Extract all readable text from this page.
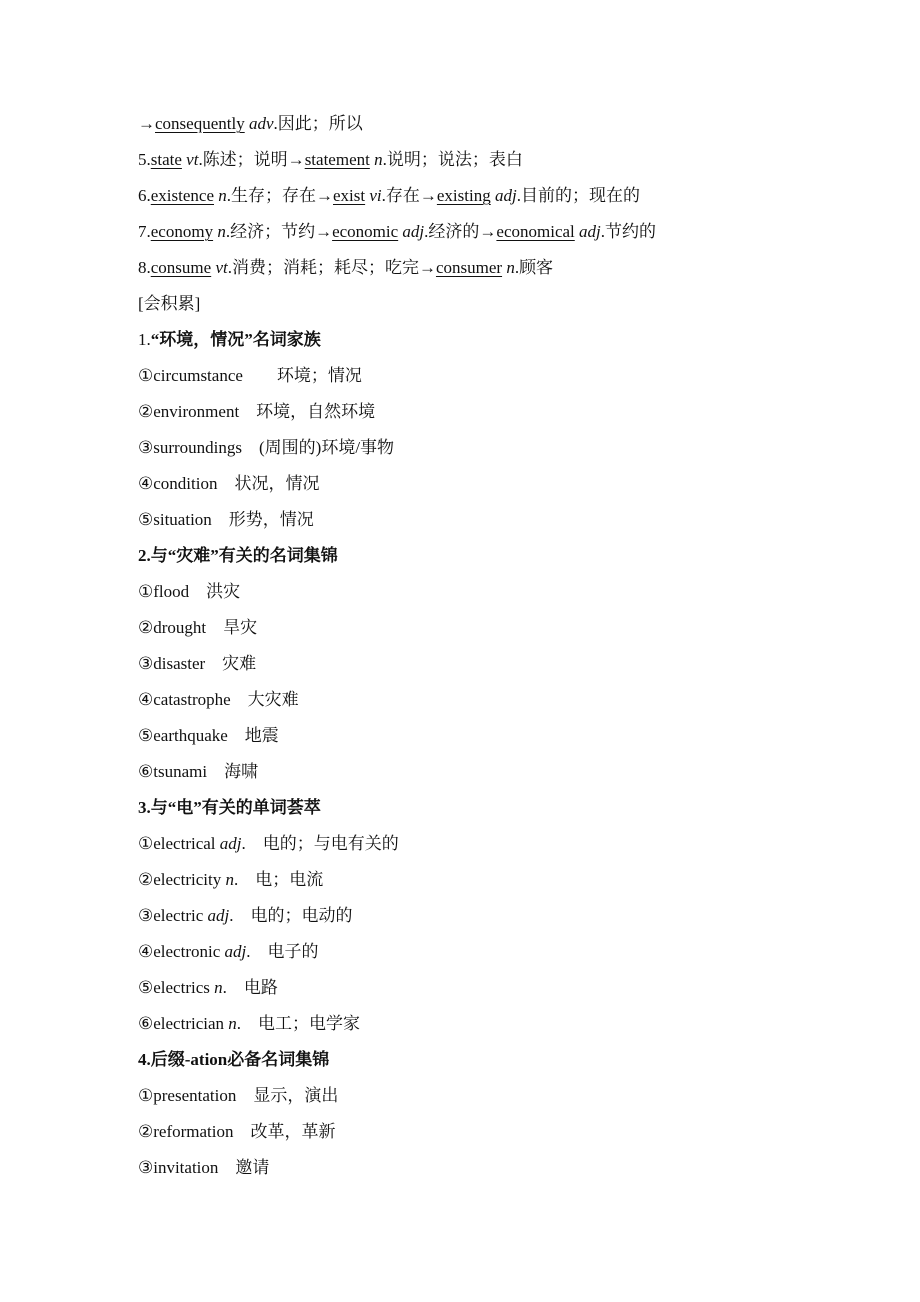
→consequently adv.因此；所以
5.state vt.陈述；说明→statement n.说明；说法；表白
6.existence n.生存；存在→exist vi.存在→existing adj.目前的；现在的
7.economy n.经济；节约→economic adj.经济的→economical adj.节约的
8.consume vt.消费；消耗；耗尽；吃完→consumer n.顾客
[会积累]
1.“环境，情况”名词家族
①circumstance　　环境；情况
②environment　环境，自然环境
③surroundings　(周围的)环境/事物
④condition　状况，情况
⑤situation　形势，情况
2.与“灾难”有关的名词集锦
①flood　洪灾
②drought　旱灾
③disaster　灾难
④catastrophe　大灾难
⑤earthquake　地震
⑥tsunami　海啸
3.与“电”有关的单词荟萃
①electrical adj.　电的；与电有关的
②electricity n.　电；电流
③electric adj.　电的；电动的
④electronic adj.　电子的
⑤electrics n.　电路
⑥electrician n.　电工；电学家
4.后缀-ation必备名词集锦
①presentation　显示，演出
②reformation　改革，革新
③invitation　邀请
